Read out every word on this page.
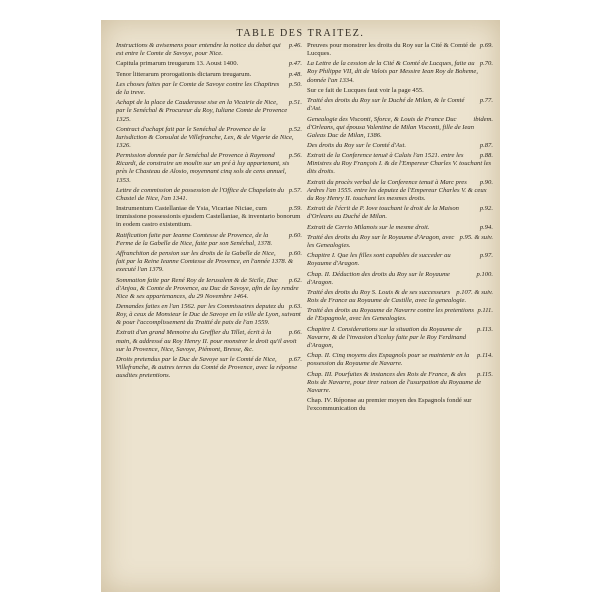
TABLE DES TRAITEZ.
p.46.
Instructions & avisemens pour entendre la notice du debat qui est entre le Comte de Savoye, pour Nice.
p.47.
Capitula primarum treugarum 13. Aoust 1400.
p.48.
Tenor litterarum prorogationis dictarum treugarum.
p.50.
Les choses faites par le Comte de Savoye contre les Chapitres de la treve.
p.51.
Achapt de la place de Cauderasse sise en la Vicairie de Nice, par le Senéchal & Procureur du Roy, Iuliane Comte de Provence 1325.
p.52.
Contract d'achapt fait par le Senéchal de Provence de la Iurisdiction & Consulat de Villefranche, Lex, & de Vigerie de Nice, 1326.
p.56.
Permission donnée par le Senéchal de Provence à Raymond Ricardi, de construire un moulin sur un pré à luy appartenant, sis près le Chasteau de Alosio, moyennant cinq sols de cens annuel, 1353.
p.57.
Lettre de commission de possession de l'Office de Chapelain du Chastel de Nice, l'an 1341.
p.59.
Instrumentum Castellaniae de Ysia, Vicariae Niciae, cum immissione possessionis ejusdem Castellaniae, & inventario bonorum in eodem castro existentium.
p.60.
Ratification faite par Ieanne Comtesse de Provence, de la Ferme de la Gabelle de Nice, faite par son Senéchal, 1378.
p.60.
Affranchiton de pension sur les droits de la Gabelle de Nice, fait par la Reine Ieanne Comtesse de Provence, en l'année 1378. & executé l'an 1379.
p.62.
Sommation faite par René Roy de Ierusalem & de Sicile, Duc d'Anjou, & Comte de Provence, au Duc de Savoye, afin de luy rendre Nice & ses appartenances, du 29 Novembre 1464.
p.63.
Demandes faites en l'an 1562. par les Commissaires deputez du Roy, à ceux de Monsieur le Duc de Savoye en la ville de Lyon, suivant & pour l'accomplissement du Traitté de paix de l'an 1559.
p.66.
Extrait d'un grand Memoire du Greffier du Tillet, écrit à la main, & addressé au Roy Henry II. pour monstrer le droit qu'il avoit sur la Provence, Nice, Savoye, Piémont, Bresse, &c.
p.67.
Droits pretendus par le Duc de Savoye sur le Comté de Nice, Villefranche, & autres terres du Comté de Provence, avec la réponse ausdites pretentions.
p.69.
Preuves pour monstrer les droits du Roy sur la Cité & Comté de Lucques.
p.70.
La Lettre de la cession de la Cité & Comté de Lucques, faite au Roy Philippe VII, dit de Valois par Messire Iean Roy de Boheme, donnée l'an 1334.
Sur ce fait de Lucques faut voir la page 455.
p.77.
Traité des droits du Roy sur le Duché de Milan, & le Comté d'Ast.
ibidem.
Genealogie des Visconti, Sforce, & Louis de France Duc d'Orleans, qui épousa Valentine de Milan Visconti, fille de Iean Galeas Duc de Milan, 1386.
p.87.
Des droits du Roy sur le Comté d'Ast.
p.88.
Extrait de la Conference tenuë à Calais l'an 1521. entre les Ministres du Roy François I. & de l'Empereur Charles V. touchant les dits droits.
p.90.
Extrait du procès verbal de la Conference tenuë à Marc pres Ardres l'an 1555. entre les deputez de l'Empereur Charles V. & ceux du Roy Henry II. touchant les mesmes droits.
p.92.
Extrait de l'écrit de P. Iove touchant le droit de la Maison d'Orleans au Duché de Milan.
p.94.
Extrait de Cerrio Milanois sur le mesme droit.
p.95. & suiv.
Traité des droits du Roy sur le Royaume d'Aragon, avec les Genealogies.
p.97.
Chapitre I. Que les filles sont capables de succeder au Royaume d'Aragon.
p.100.
Chap. II. Déduction des droits du Roy sur le Royaume d'Aragon.
p.107. & suiv.
Traité des droits du Roy S. Louis & de ses successeurs Rois de France au Royaume de Castille, avec la genealogie.
p.111.
Traité des droits au Royaume de Navarre contre les pretentions de l'Espagnole, avec les Genealogies.
p.113.
Chapitre I. Considerations sur la situation du Royaume de Navarre, & de l'invasion d'iceluy faite par le Roy Ferdinand d'Aragon,
p.114.
Chap. II. Cinq moyens des Espagnols pour se maintenir en la possession du Royaume de Navarre.
p.115.
Chap. III. Pourfuites & instances des Rois de France, & des Rois de Navarre, pour tirer raison de l'usurpation du Royaume de Navarre.
Chap. IV. Réponse au premier moyen des Espagnols fondé sur l'excommunication du
